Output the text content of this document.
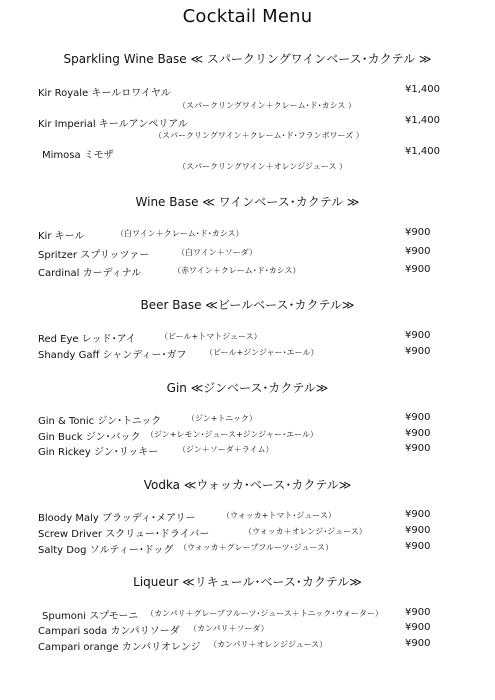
Cocktail Menu
Sparkling Wine Base ≪ スパークリングワインベース･カクテル ≫
Kir Royale キールロワイヤル	¥1,400
（スパークリングワイン＋クレーム･ド･カシス ）
Kir Imperial キールアンペリアル	¥1,400
（スパークリングワイン＋クレーム･ド･フランボワーズ ）
Mimosa ミモザ	¥1,400
（スパークリングワイン＋オレンジジュース ）
Wine Base ≪ ワインベース･カクテル ≫
Kir キール	（白ワイン＋クレーム･ド･カシス）	¥900
Spritzer スプリッツァー	（白ワイン＋ソーダ）	¥900
Cardinal カーディナル	（赤ワイン＋クレーム･ド･カシス）	¥900
Beer Base ≪ビールベース･カクテル≫
Red Eye レッド･アイ	（ビール+トマトジュース）	¥900
Shandy Gaff シャンディー･ガフ （ビール+ジンジャー･エール）	¥900
Gin ≪ジンベース･カクテル≫
Gin & Tonic ジン･トニック	（ジン+トニック）	¥900
Gin Buck ジン･バック （ジン+レモン･ジュース+ジンジャー･エール）	¥900
Gin Rickey ジン･リッキー （ジン＋ソーダ＋ライム）	¥900
Vodka ≪ウォッカ･ベース･カクテル≫
Bloody Maly ブラッディ･メアリー	（ウォッカ+トマト･ジュース）	¥900
Screw Driver スクリュー･ドライバー	（ウォッカ＋オレンジ･ジュース）	¥900
Salty Dog ソルティー･ドッグ （ウォッカ＋グレープフルーツ･ジュース）	¥900
Liqueur ≪リキュール･ベース･カクテル≫
Spumoni スプモーニ （カンパリ＋グレープフルーツ･ジュース＋トニック･ウォーター） ¥900
Campari soda カンパリソーダ （カンパリ＋ソーダ）	¥900
Campari orange カンパリオレンジ （カンパリ＋オレンジジュース）	¥900
